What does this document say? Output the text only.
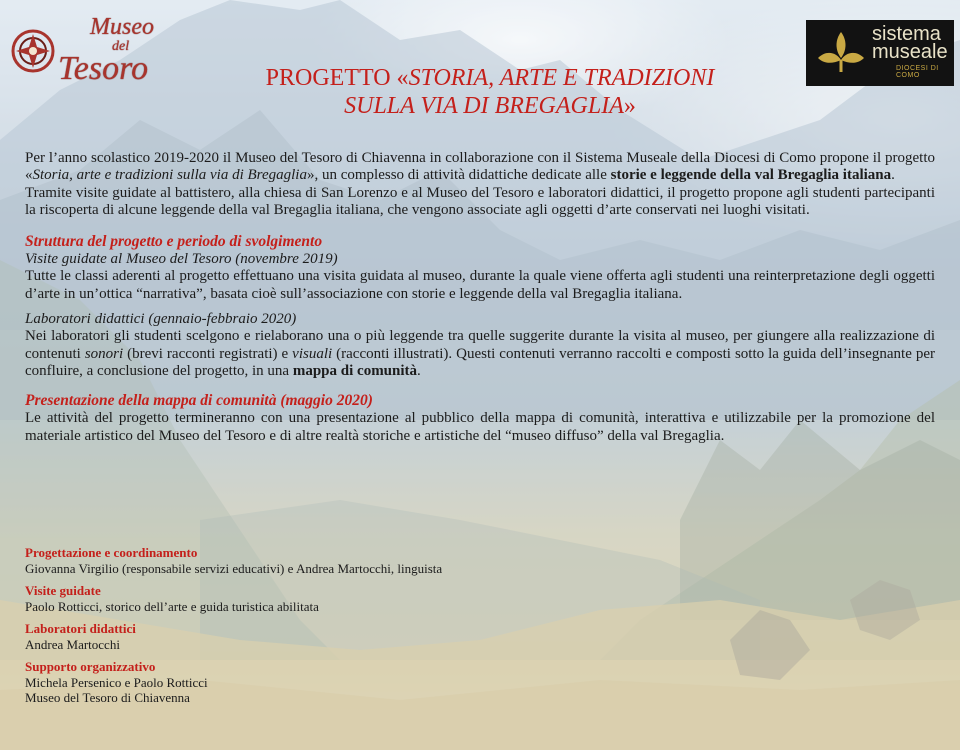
Museo
del
Tesoro
sistema
museale
DIOCESI DI COMO
PROGETTO «STORIA, ARTE E TRADIZIONI
SULLA VIA DI BREGAGLIA»

Per l’anno scolastico 2019-2020 il Museo del Tesoro di Chiavenna in collaborazione con il Sistema Museale della Diocesi di Como propone il progetto «Storia, arte e tradizioni sulla via di Bregaglia», un complesso di attività didattiche dedicate alle storie e leggende della val Bregaglia italiana.

Tramite visite guidate al battistero, alla chiesa di San Lorenzo e al Museo del Tesoro e laboratori didattici, il progetto propone agli studenti partecipanti la riscoperta di alcune leggende della val Bregaglia italiana, che vengono associate agli oggetti d’arte conservati nei luoghi visitati.

Struttura del progetto e periodo di svolgimento
Visite guidate al Museo del Tesoro (novembre 2019)

Tutte le classi aderenti al progetto effettuano una visita guidata al museo, durante la quale viene offerta agli studenti una reinterpretazione degli oggetti d’arte in un’ottica “narrativa”, basata cioè sull’associazione con storie e leggende della val Bregaglia italiana.

Laboratori didattici (gennaio-febbraio 2020)

Nei laboratori gli studenti scelgono e rielaborano una o più leggende tra quelle suggerite durante la visita al museo, per giungere alla realizzazione di contenuti sonori (brevi racconti registrati) e visuali (racconti illustrati). Questi contenuti verranno raccolti e composti sotto la guida dell’insegnante per confluire, a conclusione del progetto, in una mappa di comunità.

Presentazione della mappa di comunità (maggio 2020)

Le attività del progetto termineranno con una presentazione al pubblico della mappa di comunità, interattiva e utilizzabile per la promozione del materiale artistico del Museo del Tesoro e di altre realtà storiche e artistiche del “museo diffuso” della val Bregaglia.

Progettazione e coordinamento
Giovanna Virgilio (responsabile servizi educativi) e Andrea Martocchi, linguista
Visite guidate
Paolo Rotticci, storico dell’arte e guida turistica abilitata
Laboratori didattici
Andrea Martocchi
Supporto organizzativo
Michela Persenico e Paolo Rotticci
Museo del Tesoro di Chiavenna
